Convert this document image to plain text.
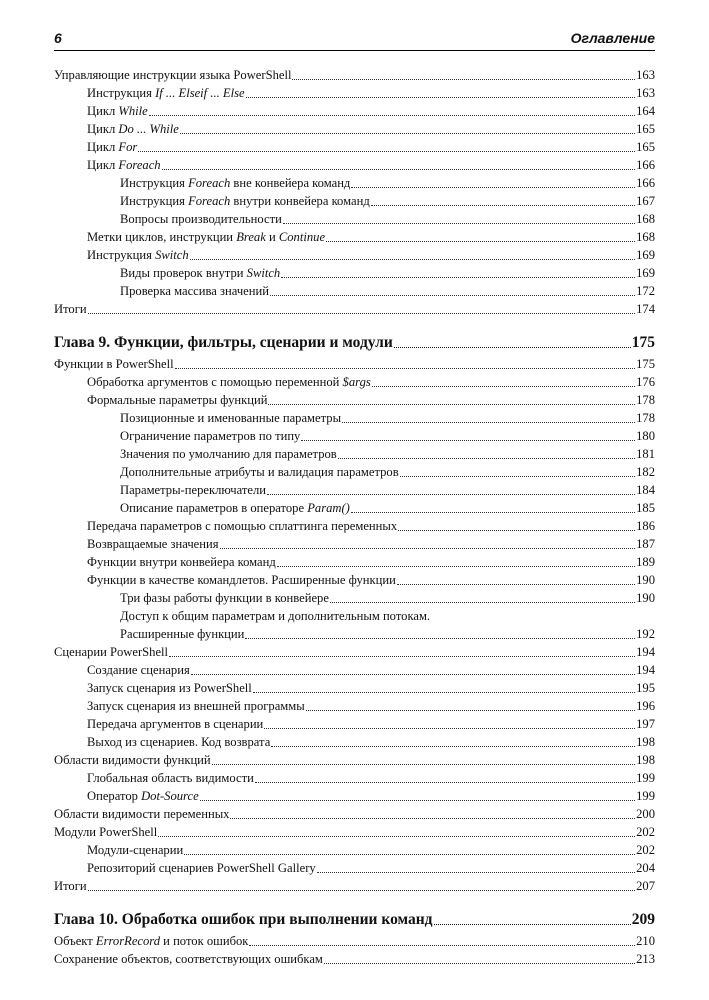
6	Оглавление
Управляющие инструкции языка PowerShell	163
Инструкция If ... Elseif ... Else	163
Цикл While	164
Цикл Do ... While	165
Цикл For	165
Цикл Foreach	166
Инструкция Foreach вне конвейера команд	166
Инструкция Foreach внутри конвейера команд	167
Вопросы производительности	168
Метки циклов, инструкции Break и Continue	168
Инструкция Switch	169
Виды проверок внутри Switch	169
Проверка массива значений	172
Итоги	174
Глава 9. Функции, фильтры, сценарии и модули	175
Функции в PowerShell	175
Обработка аргументов с помощью переменной $args	176
Формальные параметры функций	178
Позиционные и именованные параметры	178
Ограничение параметров по типу	180
Значения по умолчанию для параметров	181
Дополнительные атрибуты и валидация параметров	182
Параметры-переключатели	184
Описание параметров в операторе Param()	185
Передача параметров с помощью сплаттинга переменных	186
Возвращаемые значения	187
Функции внутри конвейера команд	189
Функции в качестве командлетов. Расширенные функции	190
Три фазы работы функции в конвейере	190
Доступ к общим параметрам и дополнительным потокам.
Расширенные функции	192
Сценарии PowerShell	194
Создание сценария	194
Запуск сценария из PowerShell	195
Запуск сценария из внешней программы	196
Передача аргументов в сценарии	197
Выход из сценариев. Код возврата	198
Области видимости функций	198
Глобальная область видимости	199
Оператор Dot-Source	199
Области видимости переменных	200
Модули PowerShell	202
Модули-сценарии	202
Репозиторий сценариев PowerShell Gallery	204
Итоги	207
Глава 10. Обработка ошибок при выполнении команд	209
Объект ErrorRecord и поток ошибок	210
Сохранение объектов, соответствующих ошибкам	213
